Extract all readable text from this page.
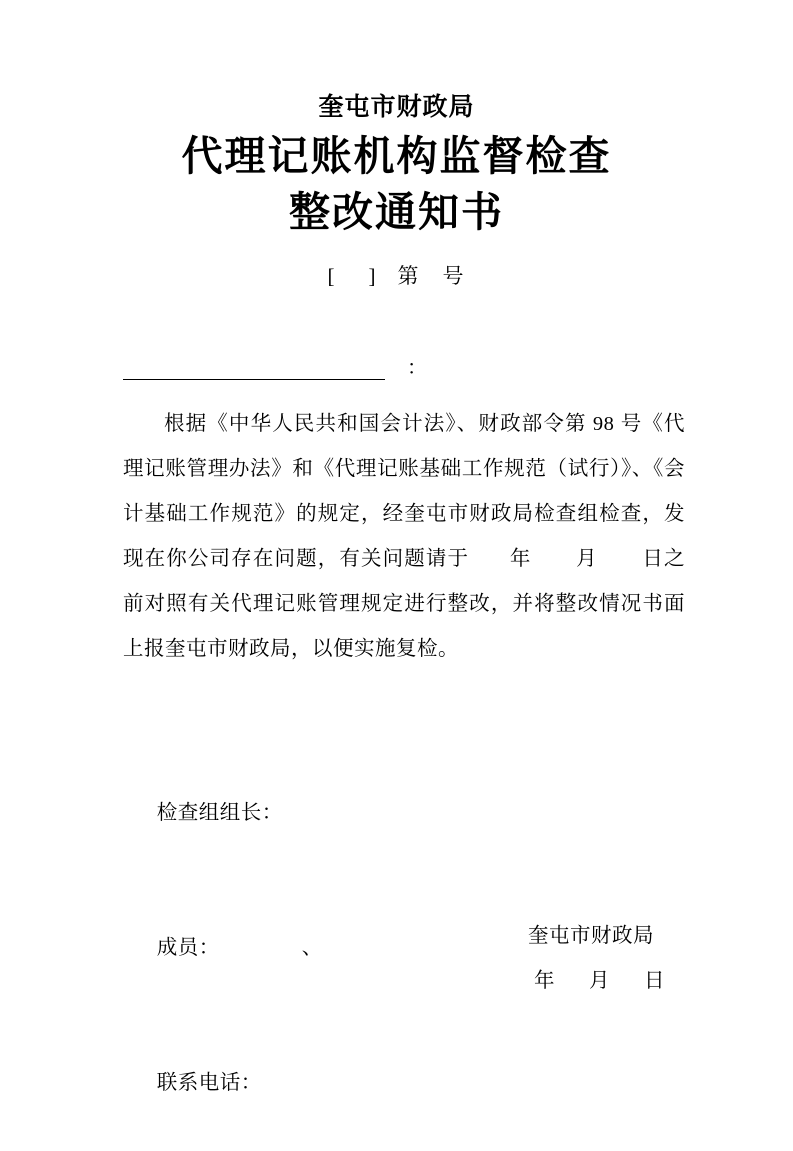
奎屯市财政局
代理记账机构监督检查
整改通知书
[ ] 第 号
：

根据《中华人民共和国会计法》、财政部令第 98 号《代理记账管理办法》和《代理记账基础工作规范（试行）》、《会计基础工作规范》的规定，经奎屯市财政局检查组检查，发现在你公司存在问题，有关问题请于 年 月 日之前对照有关代理记账管理规定进行整改，并将整改情况书面上报奎屯市财政局，以便实施复检。

检查组组长：

成员：	、

联系电话：

奎屯市财政局
年 月 日
